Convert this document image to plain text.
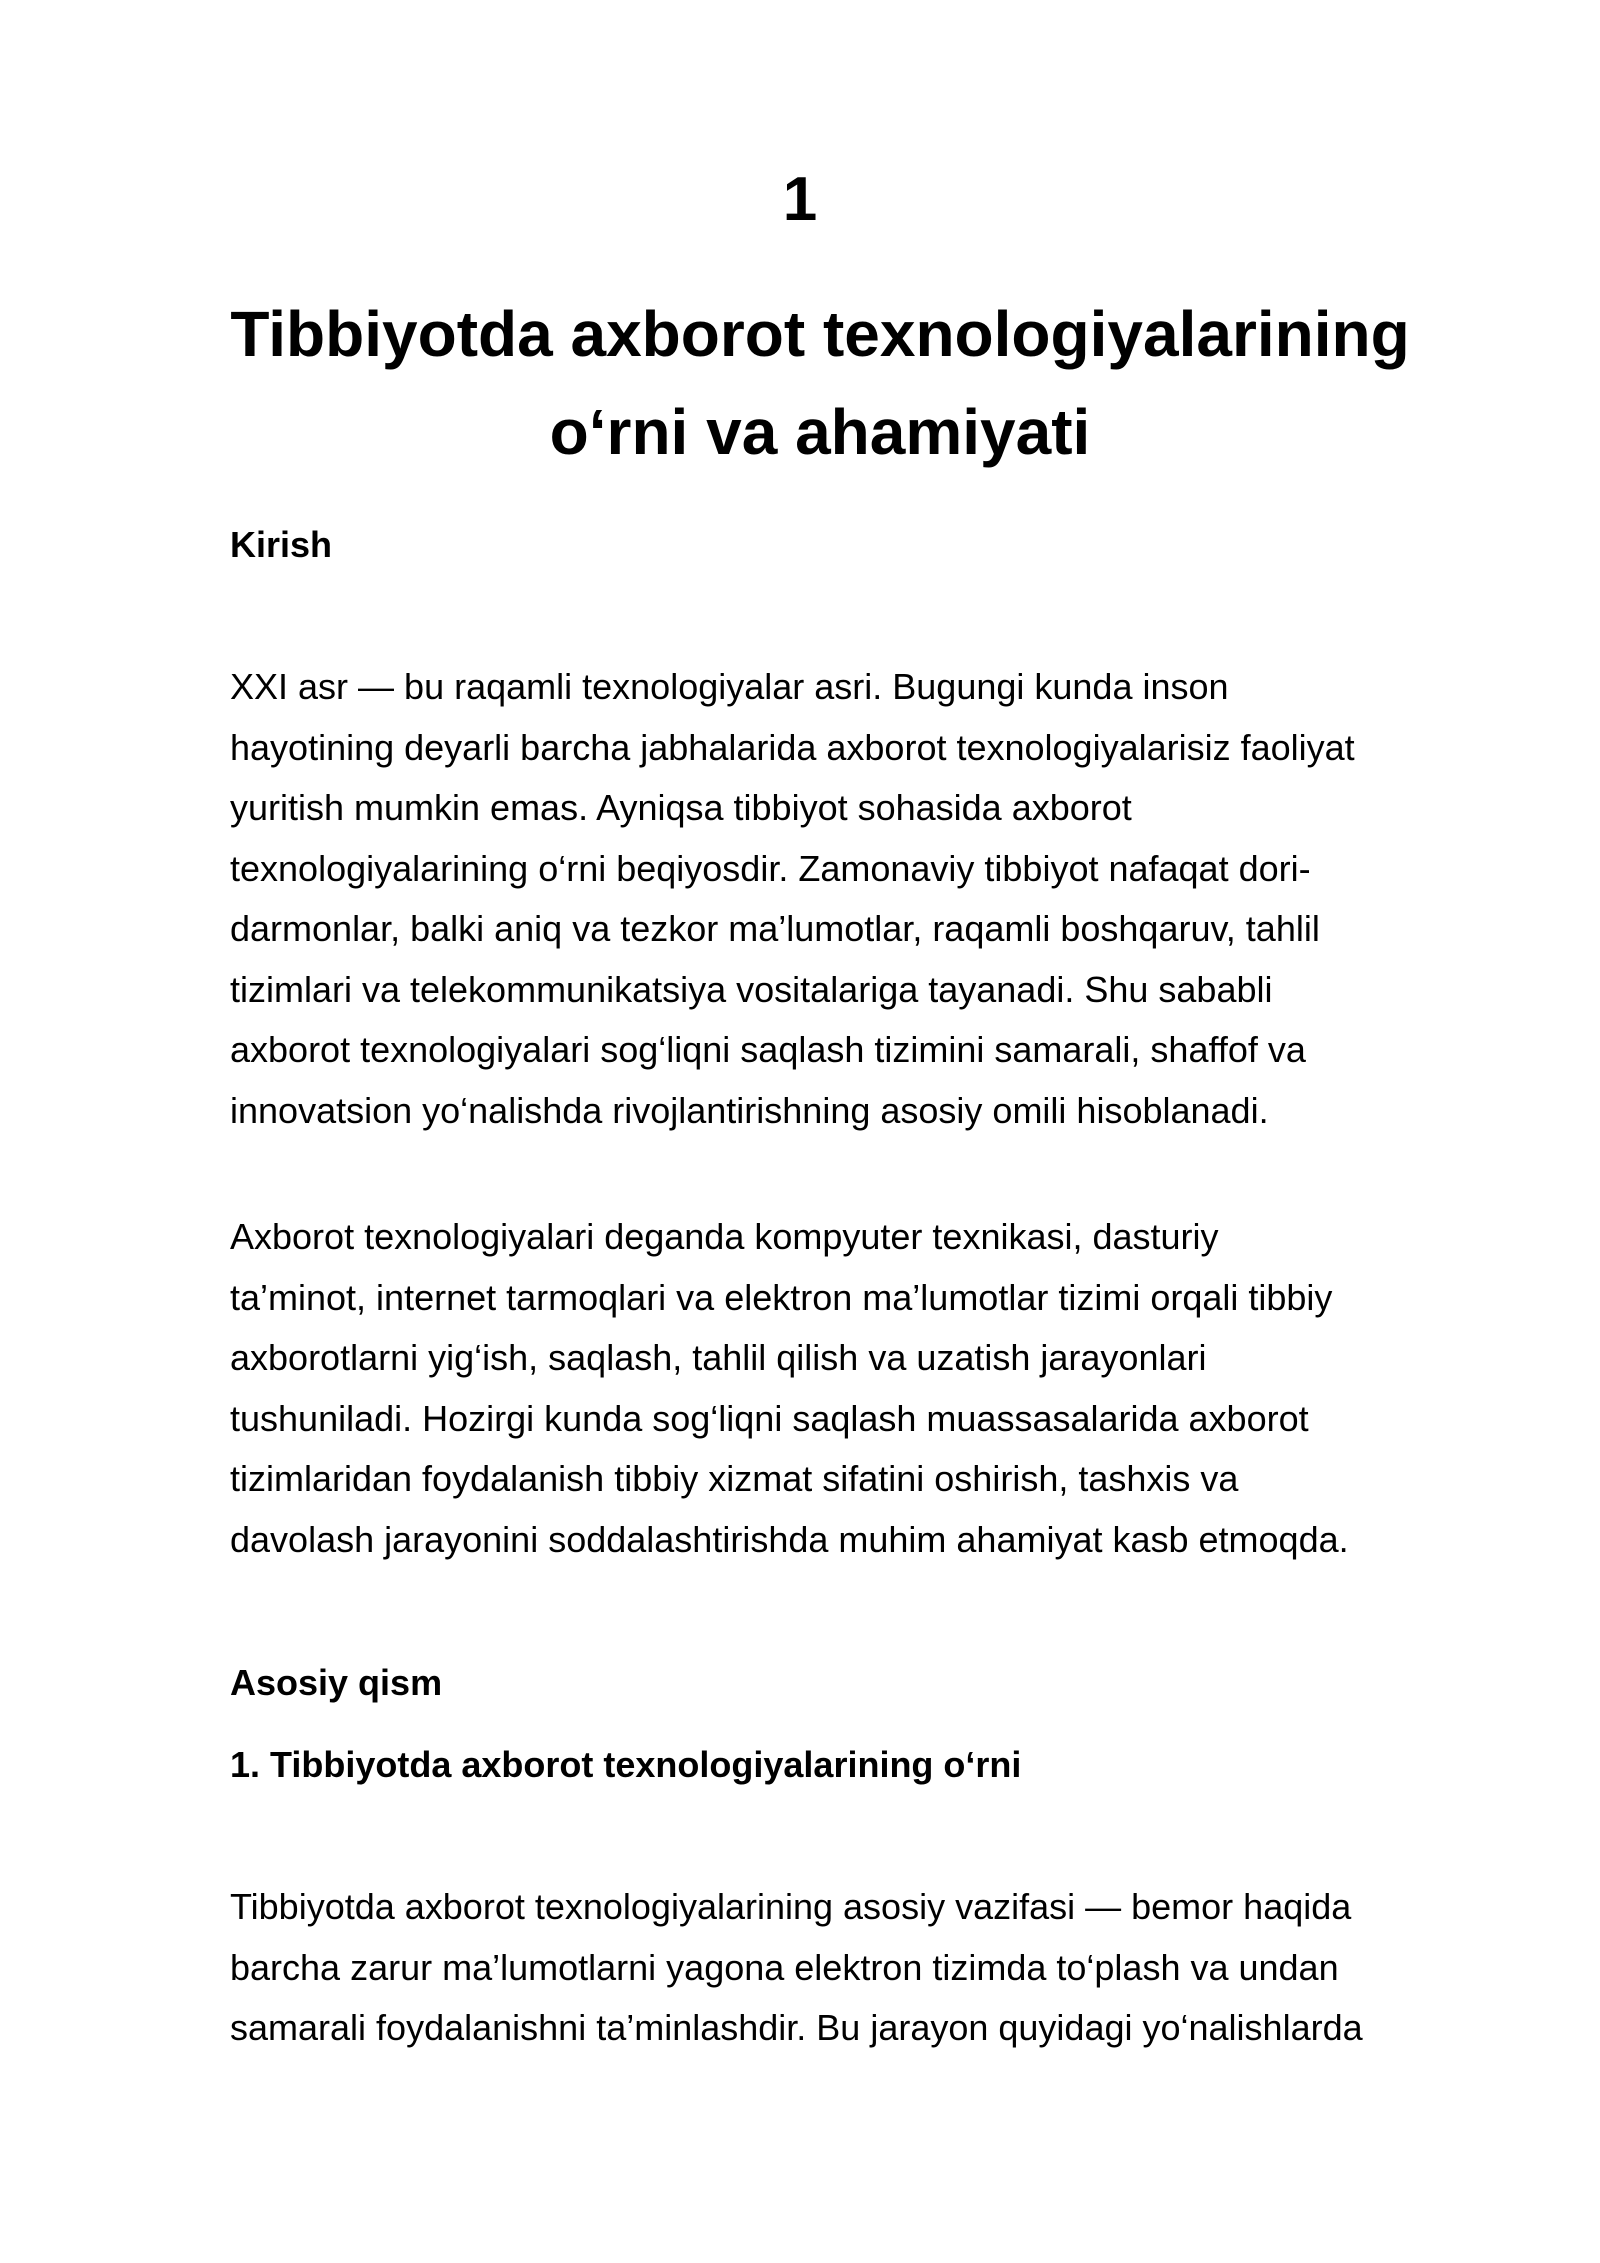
1
Tibbiyotda axborot texnologiyalarining
o‘rni va ahamiyati
Kirish
XXI asr — bu raqamli texnologiyalar asri. Bugungi kunda inson
hayotining deyarli barcha jabhalarida axborot texnologiyalarisiz faoliyat
yuritish mumkin emas. Ayniqsa tibbiyot sohasida axborot
texnologiyalarining o‘rni beqiyosdir. Zamonaviy tibbiyot nafaqat dori-
darmonlar, balki aniq va tezkor ma’lumotlar, raqamli boshqaruv, tahlil
tizimlari va telekommunikatsiya vositalariga tayanadi. Shu sababli
axborot texnologiyalari sog‘liqni saqlash tizimini samarali, shaffof va
innovatsion yo‘nalishda rivojlantirishning asosiy omili hisoblanadi.
Axborot texnologiyalari deganda kompyuter texnikasi, dasturiy
ta’minot, internet tarmoqlari va elektron ma’lumotlar tizimi orqali tibbiy
axborotlarni yig‘ish, saqlash, tahlil qilish va uzatish jarayonlari
tushuniladi. Hozirgi kunda sog‘liqni saqlash muassasalarida axborot
tizimlaridan foydalanish tibbiy xizmat sifatini oshirish, tashxis va
davolash jarayonini soddalashtirishda muhim ahamiyat kasb etmoqda.
Asosiy qism
1. Tibbiyotda axborot texnologiyalarining o‘rni
Tibbiyotda axborot texnologiyalarining asosiy vazifasi — bemor haqida
barcha zarur ma’lumotlarni yagona elektron tizimda to‘plash va undan
samarali foydalanishni ta’minlashdir. Bu jarayon quyidagi yo‘nalishlarda
